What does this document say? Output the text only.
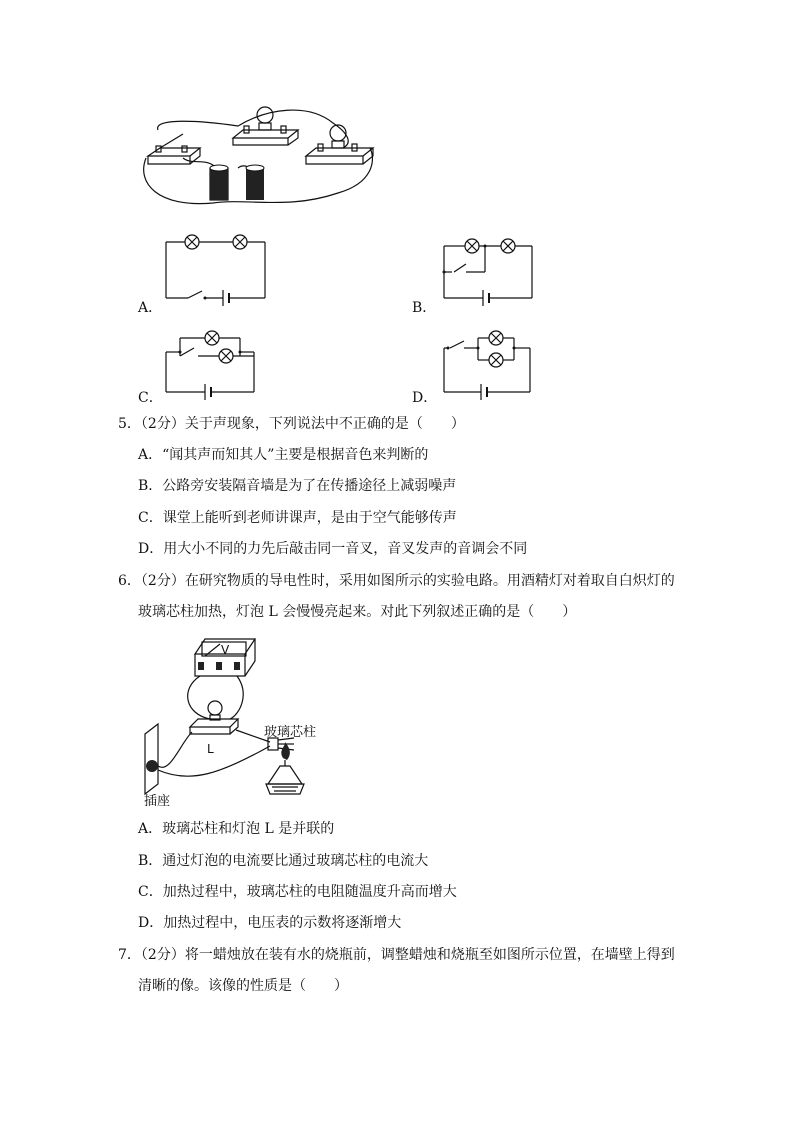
A．	B．
C．	D．
5．（2分）关于声现象，下列说法中不正确的是（　　）
A．“闻其声而知其人”主要是根据音色来判断的
B．公路旁安装隔音墙是为了在传播途径上减弱噪声
C．课堂上能听到老师讲课声，是由于空气能够传声
D．用大小不同的力先后敲击同一音叉，音叉发声的音调会不同
6．（2分）在研究物质的导电性时，采用如图所示的实验电路。用酒精灯对着取自白炽灯的
玻璃芯柱加热，灯泡 L 会慢慢亮起来。对此下列叙述正确的是（　　）
V
L
玻璃芯柱
插座
A．玻璃芯柱和灯泡 L 是并联的
B．通过灯泡的电流要比通过玻璃芯柱的电流大
C．加热过程中，玻璃芯柱的电阻随温度升高而增大
D．加热过程中，电压表的示数将逐渐增大
7．（2分）将一蜡烛放在装有水的烧瓶前，调整蜡烛和烧瓶至如图所示位置，在墙壁上得到
清晰的像。该像的性质是（　　）
